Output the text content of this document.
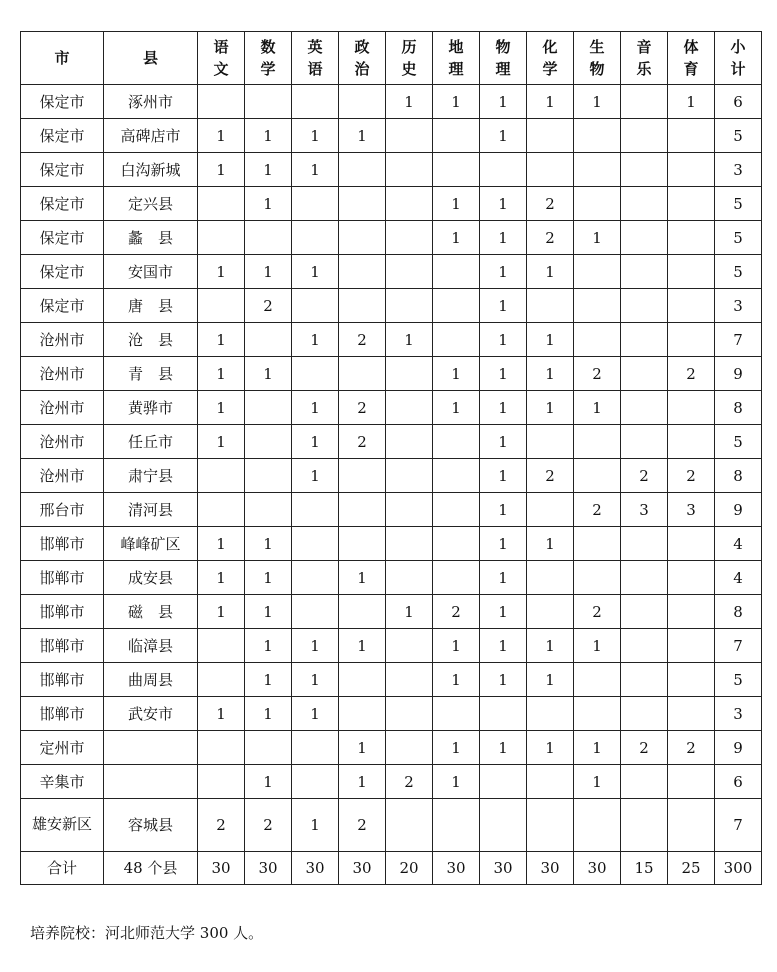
市	县	语文	数学	英语	政治	历史	地理	物理	化学	生物	音乐	体育	小计
保定市	涿州市					1	1	1	1	1		1	6
保定市	高碑店市	1	1	1	1			1					5
保定市	白沟新城	1	1	1									3
保定市	定兴县		1				1	1	2				5
保定市	蠡　县						1	1	2	1			5
保定市	安国市	1	1	1				1	1				5
保定市	唐　县		2					1					3
沧州市	沧　县	1		1	2	1		1	1				7
沧州市	青　县	1	1				1	1	1	2		2	9
沧州市	黄骅市	1		1	2		1	1	1	1			8
沧州市	任丘市	1		1	2			1					5
沧州市	肃宁县			1				1	2		2	2	8
邢台市	清河县							1		2	3	3	9
邯郸市	峰峰矿区	1	1					1	1				4
邯郸市	成安县	1	1		1			1					4
邯郸市	磁　县	1	1			1	2	1		2			8
邯郸市	临漳县		1	1	1		1	1	1	1			7
邯郸市	曲周县		1	1			1	1	1				5
邯郸市	武安市	1	1	1									3
定州市					1		1	1	1	1	2	2	9
辛集市			1		1	2	1			1			6
雄安新区	容城县	2	2	1	2								7
合计	48 个县	30	30	30	30	20	30	30	30	30	15	25	300
培养院校：河北师范大学 300 人。
